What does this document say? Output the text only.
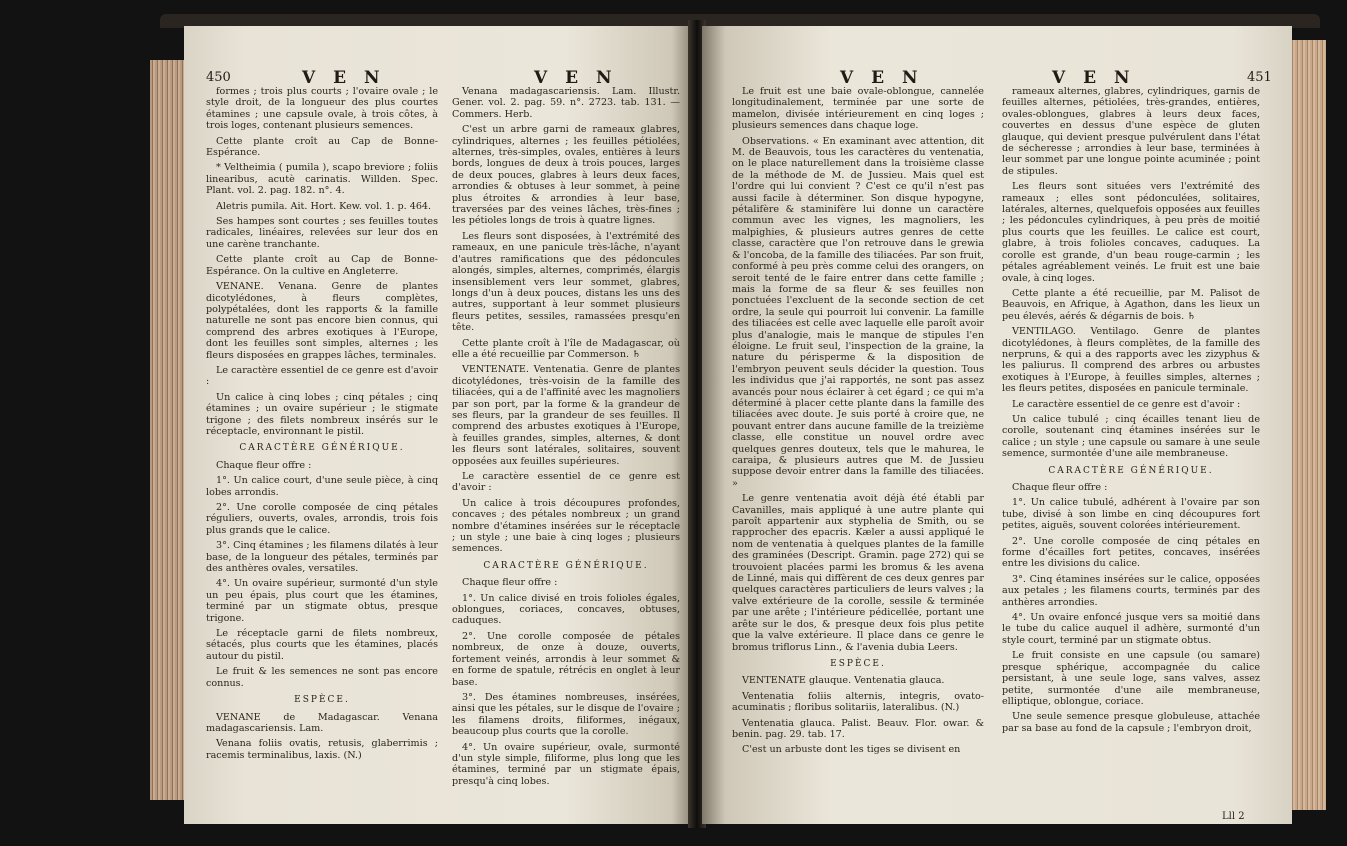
450	V E N	V E N

formes ; trois plus courts ; l'ovaire ovale ; le style droit, de la longueur des plus courtes étamines ; une capsule ovale, à trois côtes, à trois loges, contenant plusieurs semences.

Cette plante croît au Cap de Bonne-Espérance.

* Veltheimia ( pumila ), scapo breviore ; foliis linearibus, acutè carinatis. Willden. Spec. Plant. vol. 2. pag. 182. n°. 4.

Aletris pumila. Ait. Hort. Kew. vol. 1. p. 464.

Ses hampes sont courtes ; ses feuilles toutes radicales, linéaires, relevées sur leur dos en une carène tranchante.

Cette plante croît au Cap de Bonne-Espérance. On la cultive en Angleterre.

VENANE. Venana. Genre de plantes dicotylédones, à fleurs complètes, polypétalées, dont les rapports & la famille naturelle ne sont pas encore bien connus, qui comprend des arbres exotiques à l'Europe, dont les feuilles sont simples, alternes ; les fleurs disposées en grappes lâches, terminales.

Le caractère essentiel de ce genre est d'avoir :

Un calice à cinq lobes ; cinq pétales ; cinq étamines ; un ovaire supérieur ; le stigmate trigone ; des filets nombreux insérés sur le réceptacle, environnant le pistil.

CARACTÈRE GÉNÉRIQUE.

Chaque fleur offre :

1°. Un calice court, d'une seule pièce, à cinq lobes arrondis.

2°. Une corolle composée de cinq pétales réguliers, ouverts, ovales, arrondis, trois fois plus grands que le calice.

3°. Cinq étamines ; les filamens dilatés à leur base, de la longueur des pétales, terminés par des anthères ovales, versatiles.

4°. Un ovaire supérieur, surmonté d'un style un peu épais, plus court que les étamines, terminé par un stigmate obtus, presque trigone.

Le réceptacle garni de filets nombreux, sétacés, plus courts que les étamines, placés autour du pistil.

Le fruit & les semences ne sont pas encore connus.

ESPÈCE.

VENANE de Madagascar. Venana madagascariensis. Lam.

Venana foliis ovatis, retusis, glaberrimis ; racemis terminalibus, laxis. (N.)

Venana madagascariensis. Lam. Illustr. Gener. vol. 2. pag. 59. n°. 2723. tab. 131. — Commers. Herb.

C'est un arbre garni de rameaux glabres, cylindriques, alternes ; les feuilles pétiolées, alternes, très-simples, ovales, entières à leurs bords, longues de deux à trois pouces, larges de deux pouces, glabres à leurs deux faces, arrondies & obtuses à leur sommet, à peine plus étroites & arrondies à leur base, traversées par des veines lâches, très-fines ; les pétioles longs de trois à quatre lignes.

Les fleurs sont disposées, à l'extrémité des rameaux, en une panicule très-lâche, n'ayant d'autres ramifications que des pédoncules alongés, simples, alternes, comprimés, élargis insensiblement vers leur sommet, glabres, longs d'un à deux pouces, distans les uns des autres, supportant à leur sommet plusieurs fleurs petites, sessiles, ramassées presqu'en tête.

Cette plante croît à l'île de Madagascar, où elle a été recueillie par Commerson. ♄

VENTENATE. Ventenatia. Genre de plantes dicotylédones, très-voisin de la famille des tiliacées, qui a de l'affinité avec les magnoliers par son port, par la forme & la grandeur de ses fleurs, par la grandeur de ses feuilles. Il comprend des arbustes exotiques à l'Europe, à feuilles grandes, simples, alternes, & dont les fleurs sont latérales, solitaires, souvent opposées aux feuilles supérieures.

Le caractère essentiel de ce genre est d'avoir :

Un calice à trois découpures profondes, concaves ; des pétales nombreux ; un grand nombre d'étamines insérées sur le réceptacle ; un style ; une baie à cinq loges ; plusieurs semences.

CARACTÈRE GÉNÉRIQUE.

Chaque fleur offre :

1°. Un calice divisé en trois folioles égales, oblongues, coriaces, concaves, obtuses, caduques.

2°. Une corolle composée de pétales nombreux, de onze à douze, ouverts, fortement veinés, arrondis à leur sommet & en forme de spatule, rétrécis en onglet à leur base.

3°. Des étamines nombreuses, insérées, ainsi que les pétales, sur le disque de l'ovaire ; les filamens droits, filiformes, inégaux, beaucoup plus courts que la corolle.

4°. Un ovaire supérieur, ovale, surmonté d'un style simple, filiforme, plus long que les étamines, terminé par un stigmate épais, presqu'à cinq lobes.

V E N	V E N	451

Le fruit est une baie ovale-oblongue, cannelée longitudinalement, terminée par une sorte de mamelon, divisée intérieurement en cinq loges ; plusieurs semences dans chaque loge.

Observations. « En examinant avec attention, dit M. de Beauvois, tous les caractères du ventenatia, on le place naturellement dans la troisième classe de la méthode de M. de Jussieu. Mais quel est l'ordre qui lui convient ? C'est ce qu'il n'est pas aussi facile à déterminer. Son disque hypogyne, pétalifère & staminifère lui donne un caractère commun avec les vignes, les magnoliers, les malpighies, & plusieurs autres genres de cette classe, caractère que l'on retrouve dans le grewia & l'oncoba, de la famille des tiliacées. Par son fruit, conformé à peu près comme celui des orangers, on seroit tenté de le faire entrer dans cette famille ; mais la forme de sa fleur & ses feuilles non ponctuées l'excluent de la seconde section de cet ordre, la seule qui pourroit lui convenir. La famille des tiliacées est celle avec laquelle elle paroît avoir plus d'analogie, mais le manque de stipules l'en éloigne. Le fruit seul, l'inspection de la graine, la nature du périsperme & la disposition de l'embryon peuvent seuls décider la question. Tous les individus que j'ai rapportés, ne sont pas assez avancés pour nous éclairer à cet égard ; ce qui m'a déterminé à placer cette plante dans la famille des tiliacées avec doute. Je suis porté à croire que, ne pouvant entrer dans aucune famille de la treizième classe, elle constitue un nouvel ordre avec quelques genres douteux, tels que le mahurea, le caraipa, & plusieurs autres que M. de Jussieu suppose devoir entrer dans la famille des tiliacées. »

Le genre ventenatia avoit déjà été établi par Cavanilles, mais appliqué à une autre plante qui paroît appartenir aux styphelia de Smith, ou se rapprocher des epacris. Kæler a aussi appliqué le nom de ventenatia à quelques plantes de la famille des graminées (Descript. Gramin. page 272) qui se trouvoient placées parmi les bromus & les avena de Linné, mais qui diffèrent de ces deux genres par quelques caractères particuliers de leurs valves ; la valve extérieure de la corolle, sessile & terminée par une arête ; l'intérieure pédicellée, portant une arête sur le dos, & presque deux fois plus petite que la valve extérieure. Il place dans ce genre le bromus triflorus Linn., & l'avenia dubia Leers.

ESPÈCE.

VENTENATE glauque. Ventenatia glauca.

Ventenatia foliis alternis, integris, ovato-acuminatis ; floribus solitariis, lateralibus. (N.)

Ventenatia glauca. Palist. Beauv. Flor. owar. & benin. pag. 29. tab. 17.

C'est un arbuste dont les tiges se divisent en

rameaux alternes, glabres, cylindriques, garnis de feuilles alternes, pétiolées, très-grandes, entières, ovales-oblongues, glabres à leurs deux faces, couvertes en dessus d'une espèce de gluten glauque, qui devient presque pulvérulent dans l'état de sécheresse ; arrondies à leur base, terminées à leur sommet par une longue pointe acuminée ; point de stipules.

Les fleurs sont situées vers l'extrémité des rameaux ; elles sont pédonculées, solitaires, latérales, alternes, quelquefois opposées aux feuilles ; les pédoncules cylindriques, à peu près de moitié plus courts que les feuilles. Le calice est court, glabre, à trois folioles concaves, caduques. La corolle est grande, d'un beau rouge-carmin ; les pétales agréablement veinés. Le fruit est une baie ovale, à cinq loges.

Cette plante a été recueillie, par M. Palisot de Beauvois, en Afrique, à Agathon, dans les lieux un peu élevés, aérés & dégarnis de bois. ♄

VENTILAGO. Ventilago. Genre de plantes dicotylédones, à fleurs complètes, de la famille des nerpruns, & qui a des rapports avec les zizyphus & les paliurus. Il comprend des arbres ou arbustes exotiques à l'Europe, à feuilles simples, alternes ; les fleurs petites, disposées en panicule terminale.

Le caractère essentiel de ce genre est d'avoir :

Un calice tubulé ; cinq écailles tenant lieu de corolle, soutenant cinq étamines insérées sur le calice ; un style ; une capsule ou samare à une seule semence, surmontée d'une aile membraneuse.

CARACTÈRE GÉNÉRIQUE.

Chaque fleur offre :

1°. Un calice tubulé, adhérent à l'ovaire par son tube, divisé à son limbe en cinq découpures fort petites, aiguës, souvent colorées intérieurement.

2°. Une corolle composée de cinq pétales en forme d'écailles fort petites, concaves, insérées entre les divisions du calice.

3°. Cinq étamines insérées sur le calice, opposées aux petales ; les filamens courts, terminés par des anthères arrondies.

4°. Un ovaire enfoncé jusque vers sa moitié dans le tube du calice auquel il adhère, surmonté d'un style court, terminé par un stigmate obtus.

Le fruit consiste en une capsule (ou samare) presque sphérique, accompagnée du calice persistant, à une seule loge, sans valves, assez petite, surmontée d'une aile membraneuse, elliptique, oblongue, coriace.

Une seule semence presque globuleuse, attachée par sa base au fond de la capsule ; l'embryon droit,

Lll 2
